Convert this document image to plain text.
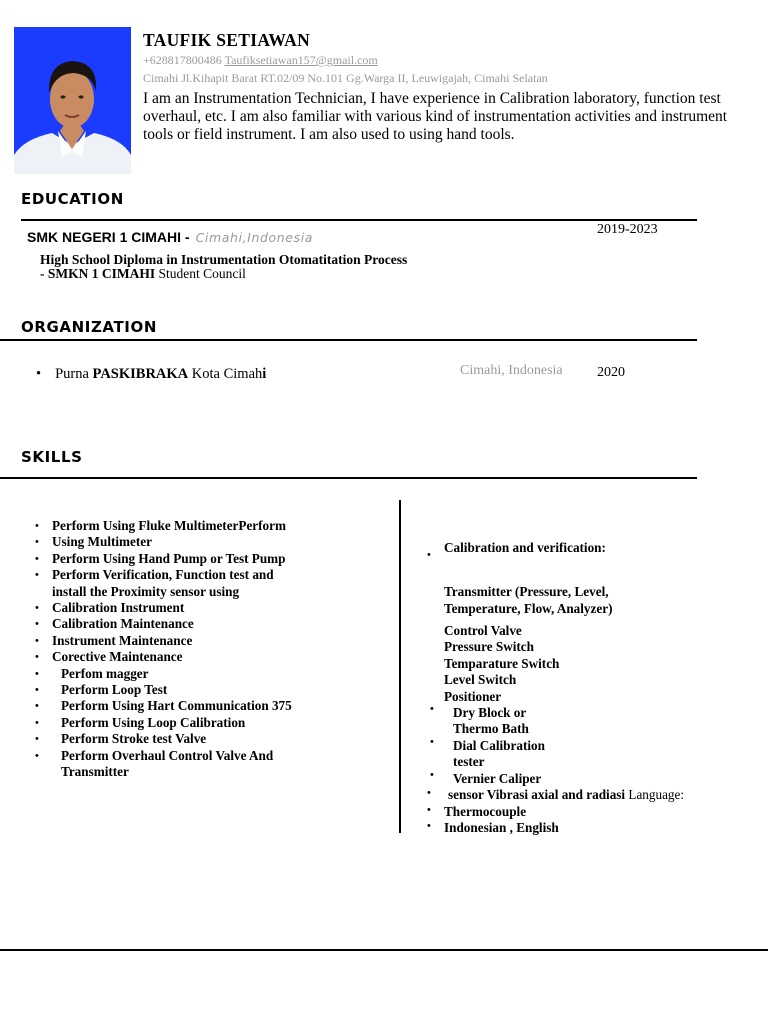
TAUFIK SETIAWAN
+628817800486 Taufiksetiawan157@gmail.com
Cimahi Jl.Kihapit Barat RT.02/09 No.101 Gg.Warga II, Leuwigajah, Cimahi Selatan
I am an Instrumentation Technician, I have experience in Calibration laboratory, function test overhaul, etc. I am also familiar with various kind of instrumentation activities and instrument tools or field instrument. I am also used to using hand tools.
EDUCATION
SMK NEGERI 1 CIMAHI - Cimahi,Indonesia
2019-2023
High School Diploma in Instrumentation Otomatitation Process
- SMKN 1 CIMAHI Student Council
ORGANIZATION
• Purna PASKIBRAKA Kota Cimahi	Cimahi, Indonesia 2020
SKILLS
• Perform Using Fluke MultimeterPerform
• Using Multimeter
• Perform Using Hand Pump or Test Pump
• Perform Verification, Function test and
install the Proximity sensor using
• Calibration Instrument
• Calibration Maintenance
• Instrument Maintenance
• Corective Maintenance
• Perfom magger
• Perform Loop Test
• Perform Using Hart Communication 375
• Perform Using Loop Calibration
• Perform Stroke test Valve
• Perform Overhaul Control Valve And
Transmitter
• Calibration and verification:
Transmitter (Pressure, Level,
Temperature, Flow, Analyzer)
Control Valve
Pressure Switch
Temparature Switch
Level Switch
Positioner
• Dry Block or
Thermo Bath
• Dial Calibration
tester
• Vernier Caliper
• sensor Vibrasi axial and radiasi Language:
• Thermocouple
• Indonesian , English
